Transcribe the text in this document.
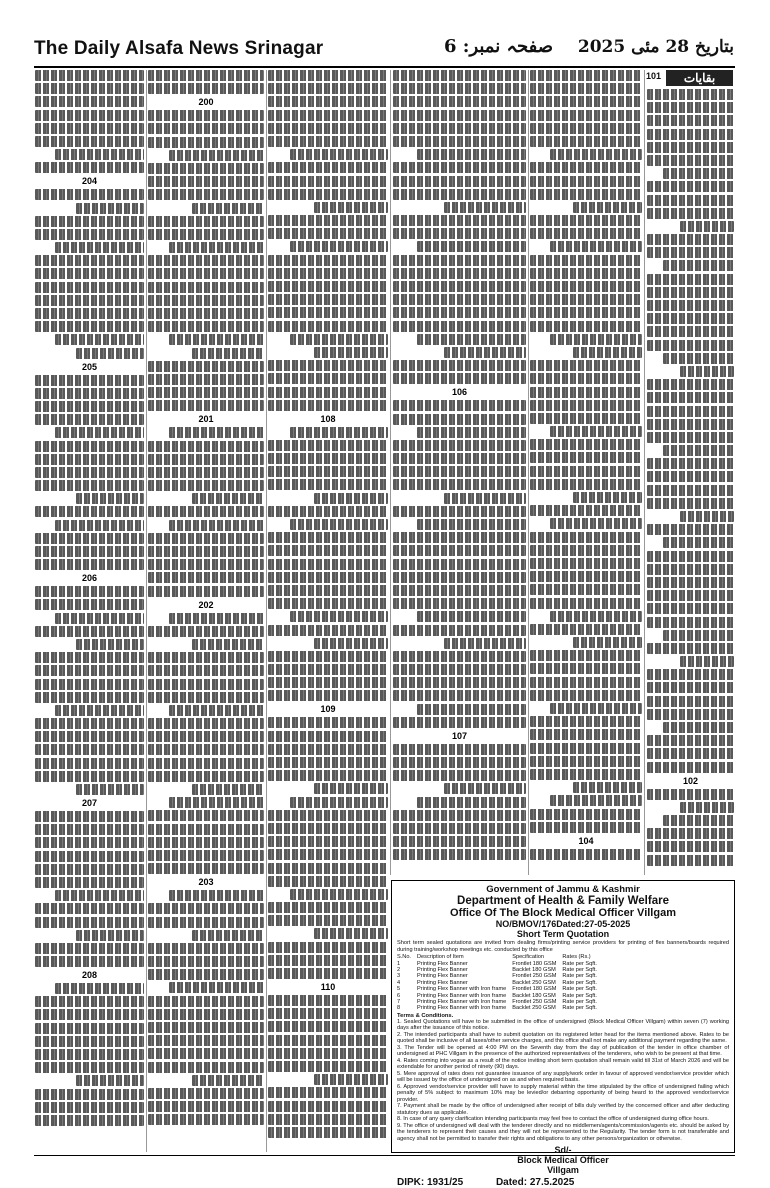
The Daily Alsafa News Srinagar	صفحہ نمبر: 6 بتاریخ 28 مئی 2025
بقایات
101
102
104
106
107
108
109
110
200
201
202
203
204
205
206
207
208
Government of Jammu & Kashmir
Department of Health & Family Welfare
Office Of The Block Medical Officer Villgam
NO/BMOV/176Dated:27-05-2025
Short Term Quotation
Short term sealed quotations are invited from dealing firms/printing service providers for printing of flex banners/boards required during training/workshop meetings etc. conducted by this office
S.No.	Description of Item	Specification	Rates (Rs.)
1	Printing Flex Banner	Frontlet 180 GSM	Rate per Sqft.
2	Printing Flex Banner	Backlet 180 GSM	Rate per Sqft.
3	Printing Flex Banner	Frontlet 250 GSM	Rate per Sqft.
4	Printing Flex Banner	Backlet 250 GSM	Rate per Sqft.
5	Printing Flex Banner with Iron frame	Frontlet 180 GSM	Rate per Sqft.
6	Printing Flex Banner with Iron frame	Backlet 180 GSM	Rate per Sqft.
7	Printing Flex Banner with Iron frame	Frontlet 250 GSM	Rate per Sqft.
8	Printing Flex Banner with Iron frame	Backlet 250 GSM	Rate per Sqft.
Terms & Conditions.
1. Sealed Quotations will have to be submitted in the office of undersigned (Block Medical Officer Villgam) within seven (7) working days after the issuance of this notice.
2. The intended participants shall have to submit quotation on its registered letter head for the items mentioned above. Rates to be quoted shall be inclusive of all taxes/other service charges, and this office shall not make any additional payment regarding the same.
3. The Tender will be opened at 4:00 PM on the Seventh day from the day of publication of the tender in office chamber of undersigned at PHC Villgam in the presence of the authorized representatives of the tenderers, who wish to be present at that time.
4. Rates coming into vogue as a result of the notice inviting short term quotation shall remain valid till 31st of March 2026 and will be extendable for another period of ninety (90) days.
5. Mere approval of rates does not guarantee issuance of any supply/work order in favour of approved vendor/service provider which will be issued by the office of undersigned on as and when required basis.
6. Approved vendor/service provider will have to supply material within the time stipulated by the office of undersigned failing which penalty of 5% subject to maximum 10% may be levied/or debarring opportunity of being heard to the approved vendor/service provider.
7. Payment shall be made by the office of undersigned after receipt of bills duly verified by the concerned officer and after deducting statutory dues as applicable.
8. In case of any query clarification intending participants may feel free to contact the office of undersigned during office hours.
9. The office of undersigned will deal with the tenderer directly and no middlemen/agents/commission/agents etc. should be asked by the tenderers to represent their causes and they will not be represented to the Regularity. The tender form is not transferable and agency shall not be permitted to transfer their rights and obligations to any other persons/organization or otherwise.
Sd/-
Block Medical Officer
Villgam
DIPK: 1931/25	Dated: 27.5.2025
